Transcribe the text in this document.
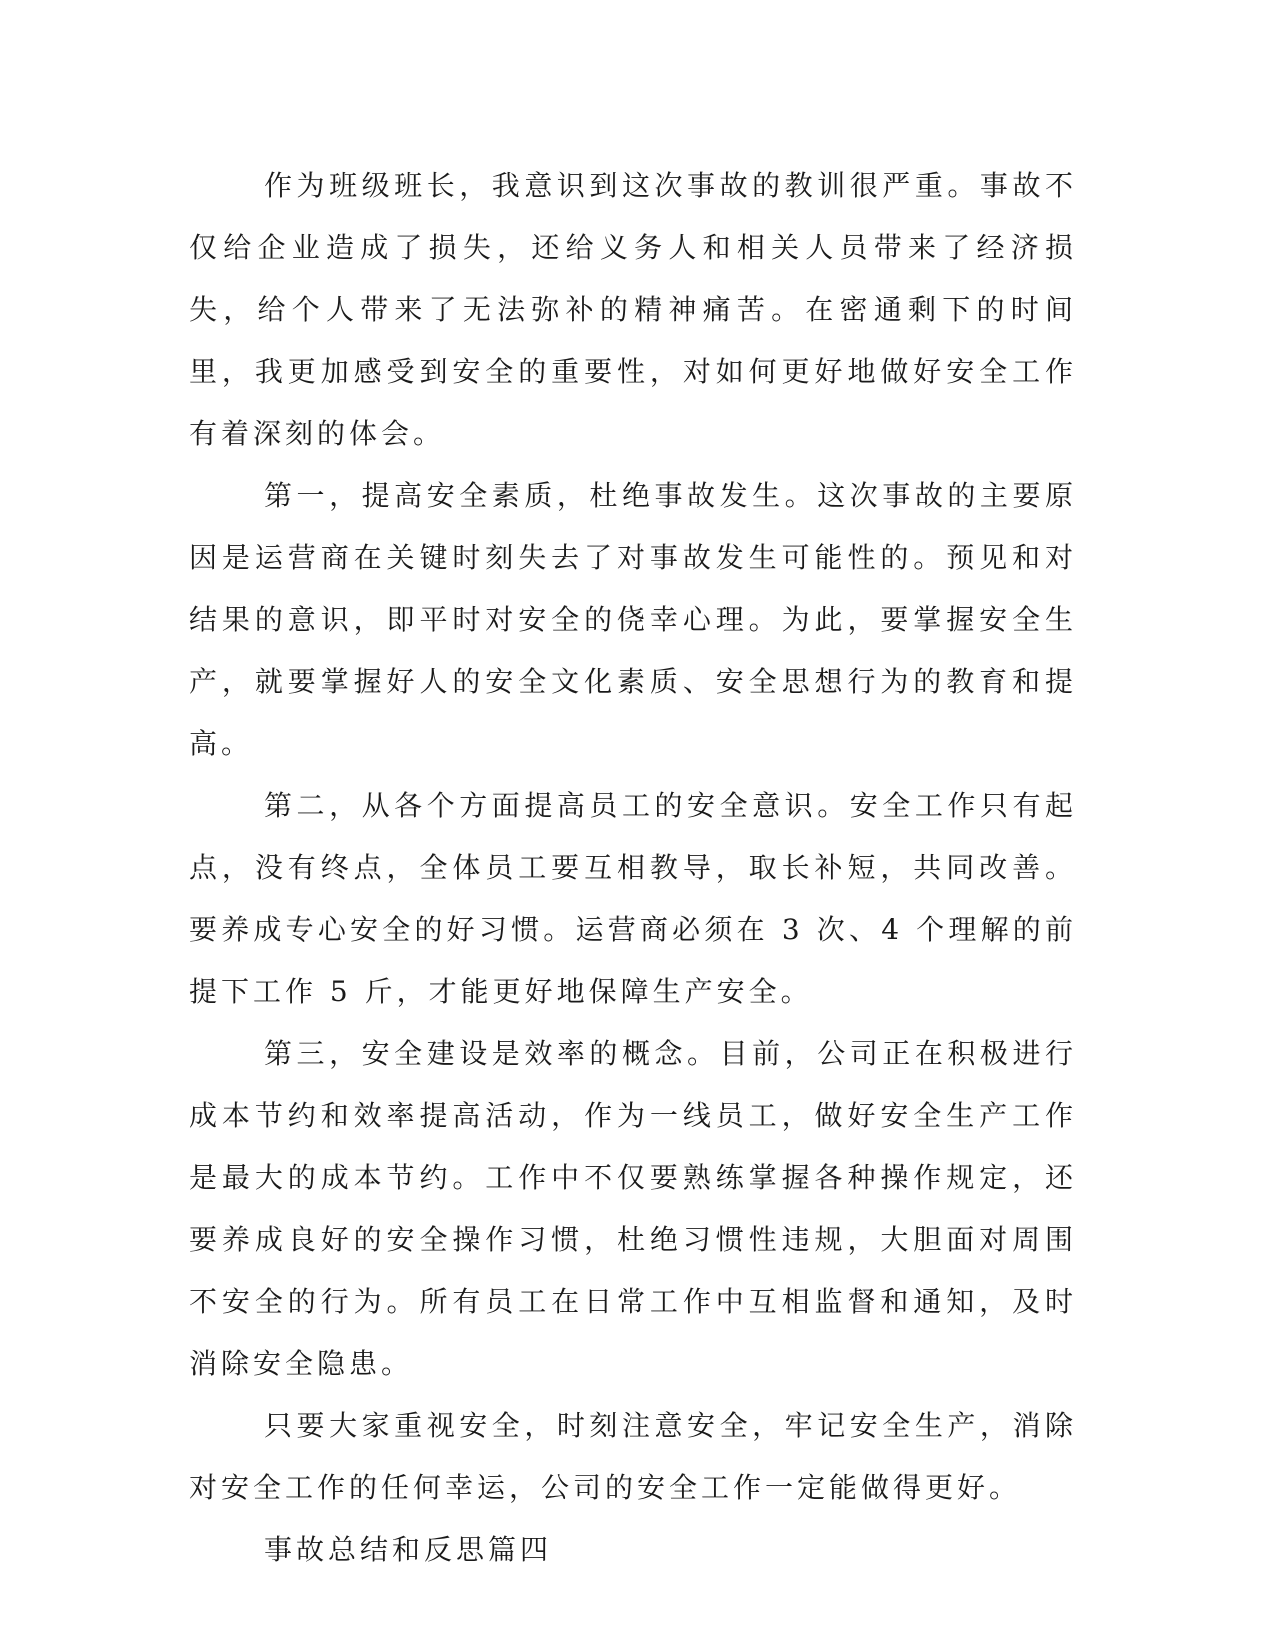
作为班级班长，我意识到这次事故的教训很严重。事故不仅给企业造成了损失，还给义务人和相关人员带来了经济损失，给个人带来了无法弥补的精神痛苦。在密通剩下的时间里，我更加感受到安全的重要性，对如何更好地做好安全工作有着深刻的体会。

第一，提高安全素质，杜绝事故发生。这次事故的主要原因是运营商在关键时刻失去了对事故发生可能性的。预见和对结果的意识，即平时对安全的侥幸心理。为此，要掌握安全生产，就要掌握好人的安全文化素质、安全思想行为的教育和提高。

第二，从各个方面提高员工的安全意识。安全工作只有起点，没有终点，全体员工要互相教导，取长补短，共同改善。要养成专心安全的好习惯。运营商必须在 3 次、4 个理解的前提下工作 5 斤，才能更好地保障生产安全。

第三，安全建设是效率的概念。目前，公司正在积极进行成本节约和效率提高活动，作为一线员工，做好安全生产工作是最大的成本节约。工作中不仅要熟练掌握各种操作规定，还要养成良好的安全操作习惯，杜绝习惯性违规，大胆面对周围不安全的行为。所有员工在日常工作中互相监督和通知，及时消除安全隐患。

只要大家重视安全，时刻注意安全，牢记安全生产，消除对安全工作的任何幸运，公司的安全工作一定能做得更好。

事故总结和反思篇四
